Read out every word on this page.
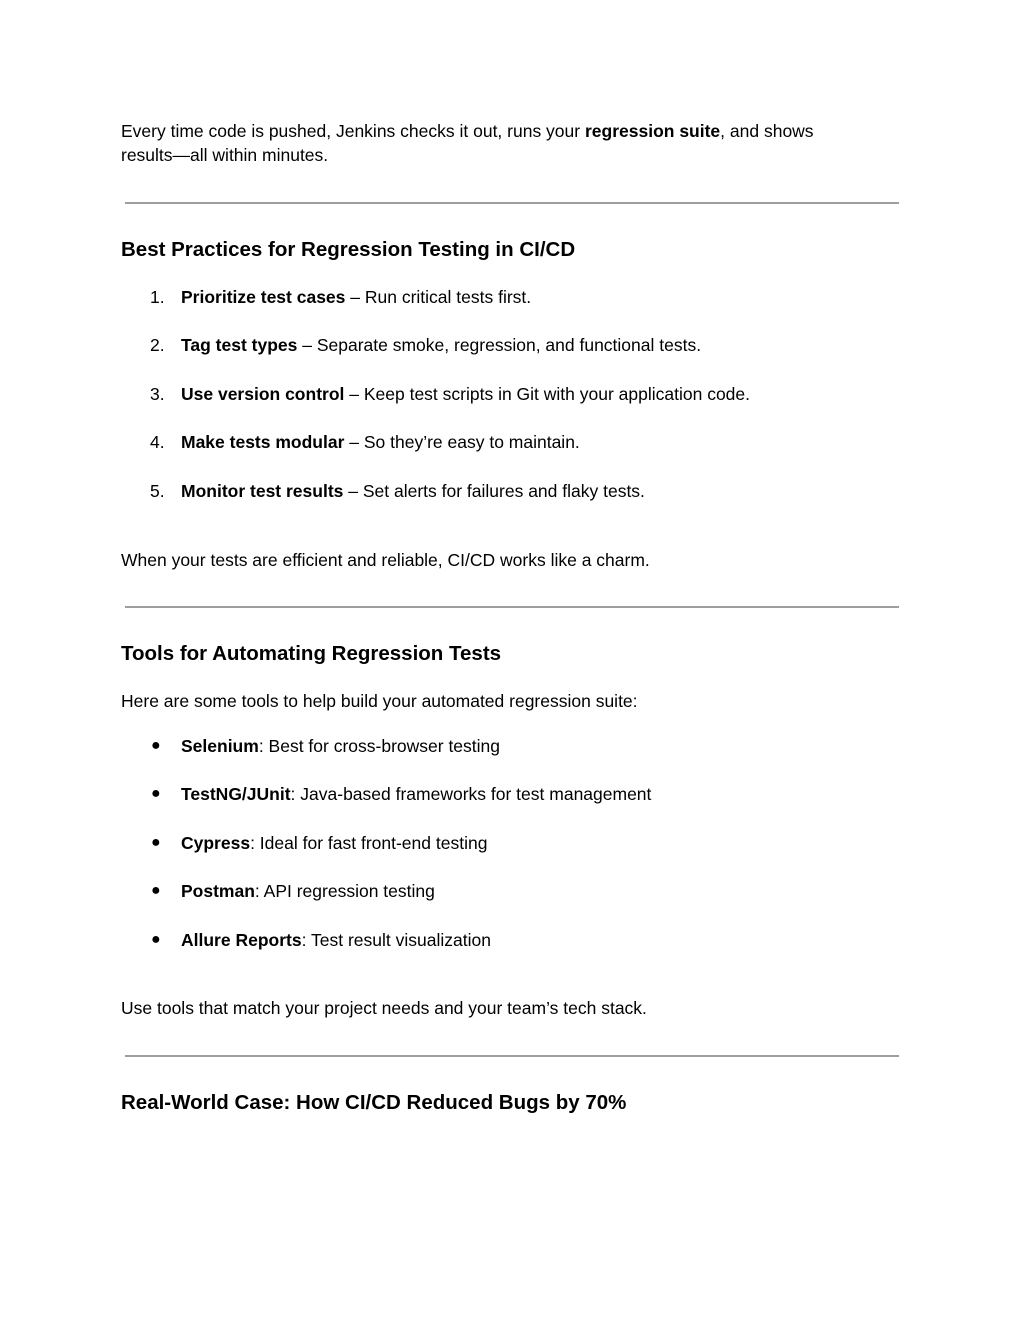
Every time code is pushed, Jenkins checks it out, runs your regression suite, and shows
results—all within minutes.

Best Practices for Regression Testing in CI/CD
1. Prioritize test cases – Run critical tests first.
2. Tag test types – Separate smoke, regression, and functional tests.
3. Use version control – Keep test scripts in Git with your application code.
4. Make tests modular – So they’re easy to maintain.
5. Monitor test results – Set alerts for failures and flaky tests.

When your tests are efficient and reliable, CI/CD works like a charm.

Tools for Automating Regression Tests

Here are some tools to help build your automated regression suite:

● Selenium: Best for cross-browser testing
● TestNG/JUnit: Java-based frameworks for test management
● Cypress: Ideal for fast front-end testing
● Postman: API regression testing
● Allure Reports: Test result visualization

Use tools that match your project needs and your team’s tech stack.

Real-World Case: How CI/CD Reduced Bugs by 70%
